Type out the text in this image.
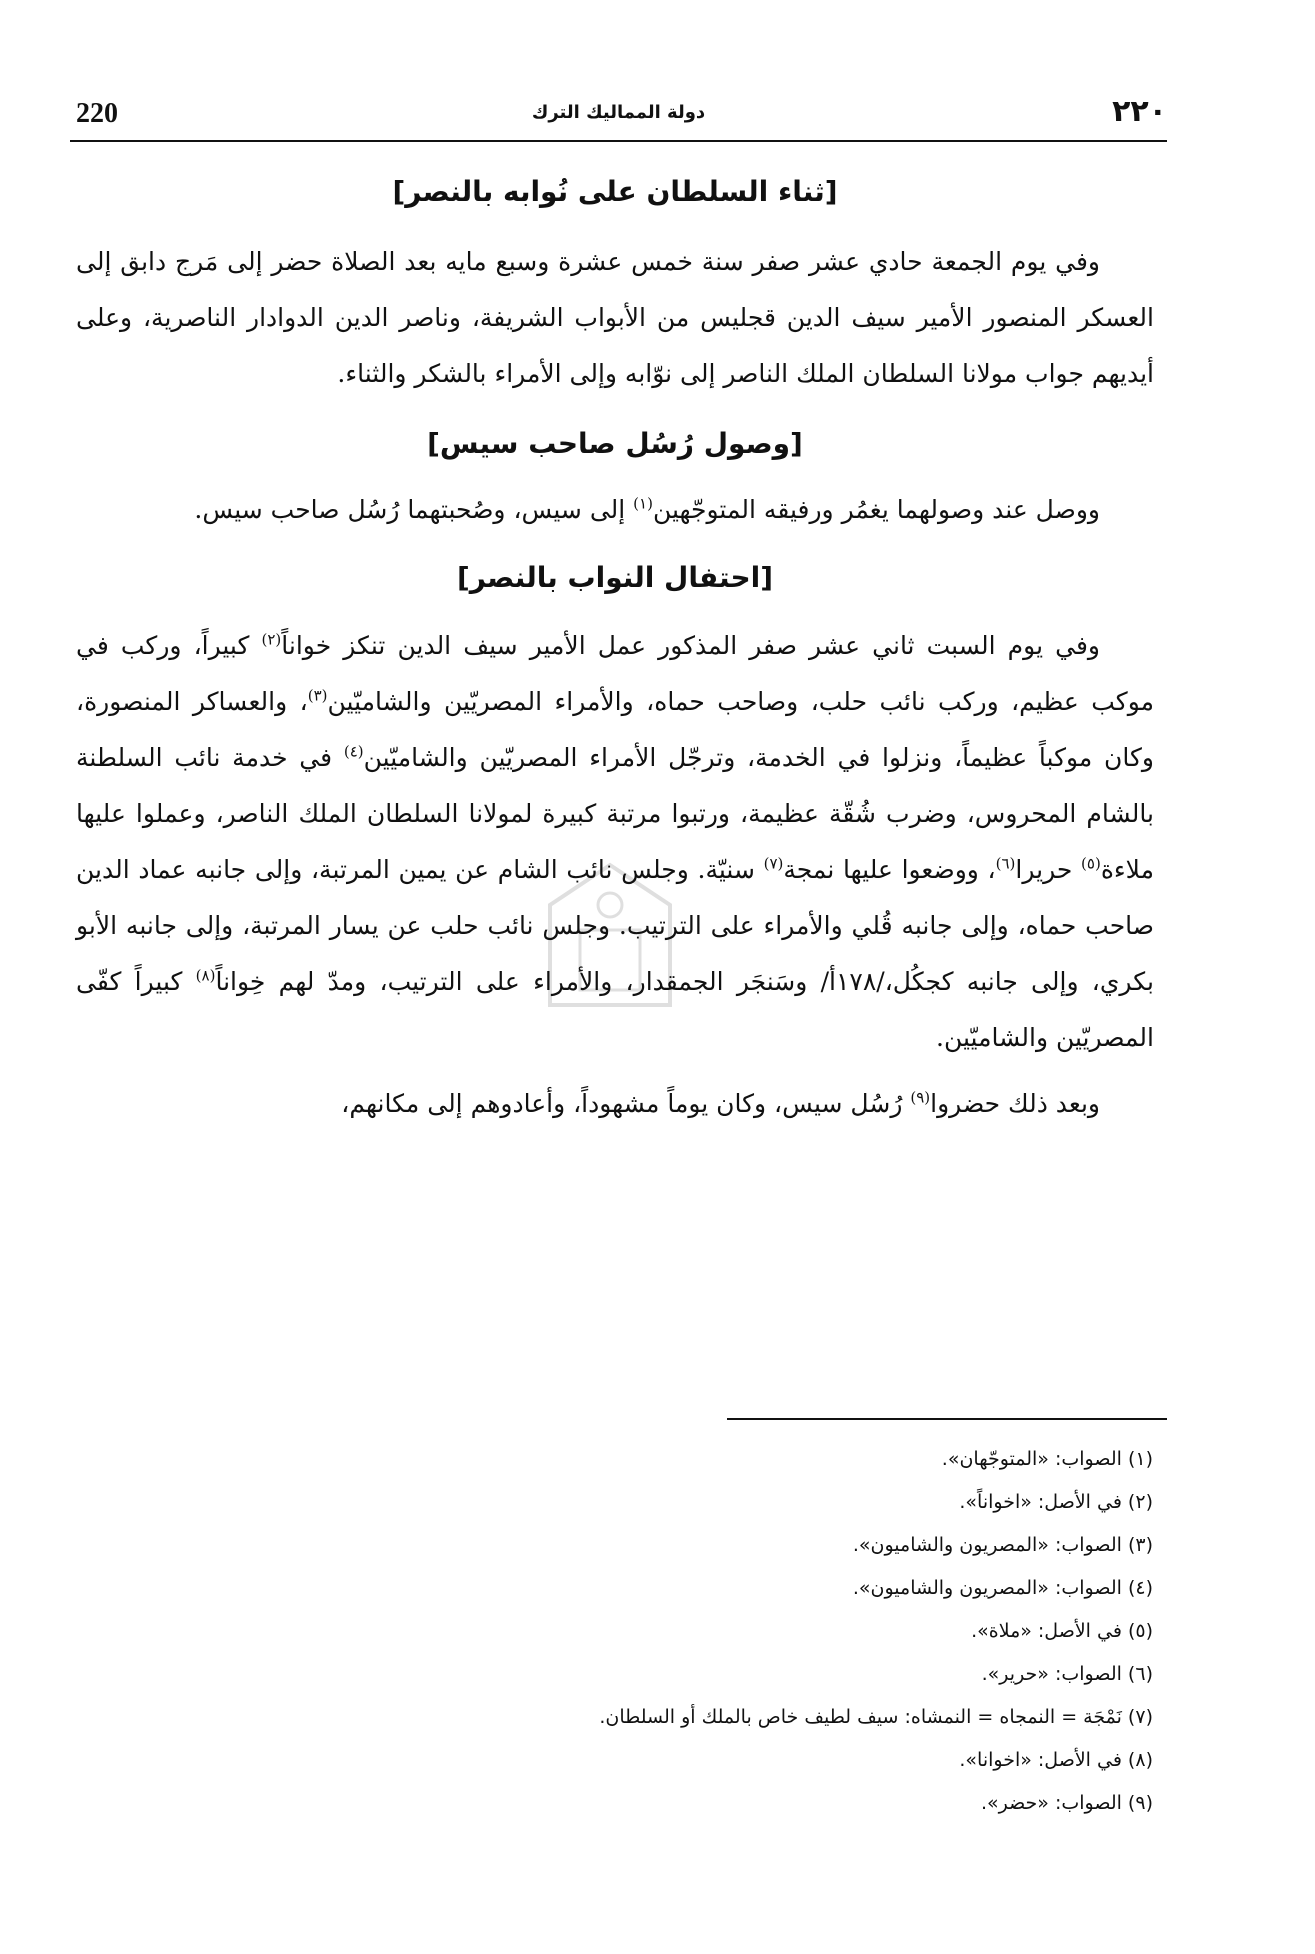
220	دولة المماليك الترك	٢٢٠
[ثناء السلطان على نُوابه بالنصر]

وفي يوم الجمعة حادي عشر صفر سنة خمس عشرة وسبع مايه بعد الصلاة حضر إلى مَرج دابق إلى العسكر المنصور الأمير سيف الدين قجليس من الأبواب الشريفة، وناصر الدين الدوادار الناصرية، وعلى أيديهم جواب مولانا السلطان الملك الناصر إلى نوّابه وإلى الأمراء بالشكر والثناء.

[وصول رُسُل صاحب سيس]

ووصل عند وصولهما يغمُر ورفيقه المتوجّهين$^{(١)}$ إلى سيس، وصُحبتهما رُسُل صاحب سيس.

[احتفال النواب بالنصر]

وفي يوم السبت ثاني عشر صفر المذكور عمل الأمير سيف الدين تنكز خواناً$^{(٢)}$ كبيراً، وركب في موكب عظيم، وركب نائب حلب، وصاحب حماه، والأمراء المصريّين والشاميّين$^{(٣)}$، والعساكر المنصورة، وكان موكباً عظيماً، ونزلوا في الخدمة، وترجّل الأمراء المصريّين والشاميّين$^{(٤)}$ في خدمة نائب السلطنة بالشام المحروس، وضرب شُقّة عظيمة، ورتبوا مرتبة كبيرة لمولانا السلطان الملك الناصر، وعملوا عليها ملاءة$^{(٥)}$ حريرا$^{(٦)}$، ووضعوا عليها نمجة$^{(٧)}$ سنيّة. وجلس نائب الشام عن يمين المرتبة، وإلى جانبه عماد الدين صاحب حماه، وإلى جانبه قُلي والأمراء على الترتيب. وجلس نائب حلب عن يسار المرتبة، وإلى جانبه الأبو بكري، وإلى جانبه كجكُل،/١٧٨أ/ وسَنجَر الجمقدار، والأمراء على الترتيب، ومدّ لهم خِواناً$^{(٨)}$ كبيراً كفّى المصريّين والشاميّين.

وبعد ذلك حضروا$^{(٩)}$ رُسُل سيس، وكان يوماً مشهوداً، وأعادوهم إلى مكانهم،

(١) الصواب: «المتوجّهان».
(٢) في الأصل: «اخواناً».
(٣) الصواب: «المصريون والشاميون».
(٤) الصواب: «المصريون والشاميون».
(٥) في الأصل: «ملاة».
(٦) الصواب: «حرير».
(٧) نَمْجَة = النمجاه = النمشاه: سيف لطيف خاص بالملك أو السلطان.
(٨) في الأصل: «اخوانا».
(٩) الصواب: «حضر».
